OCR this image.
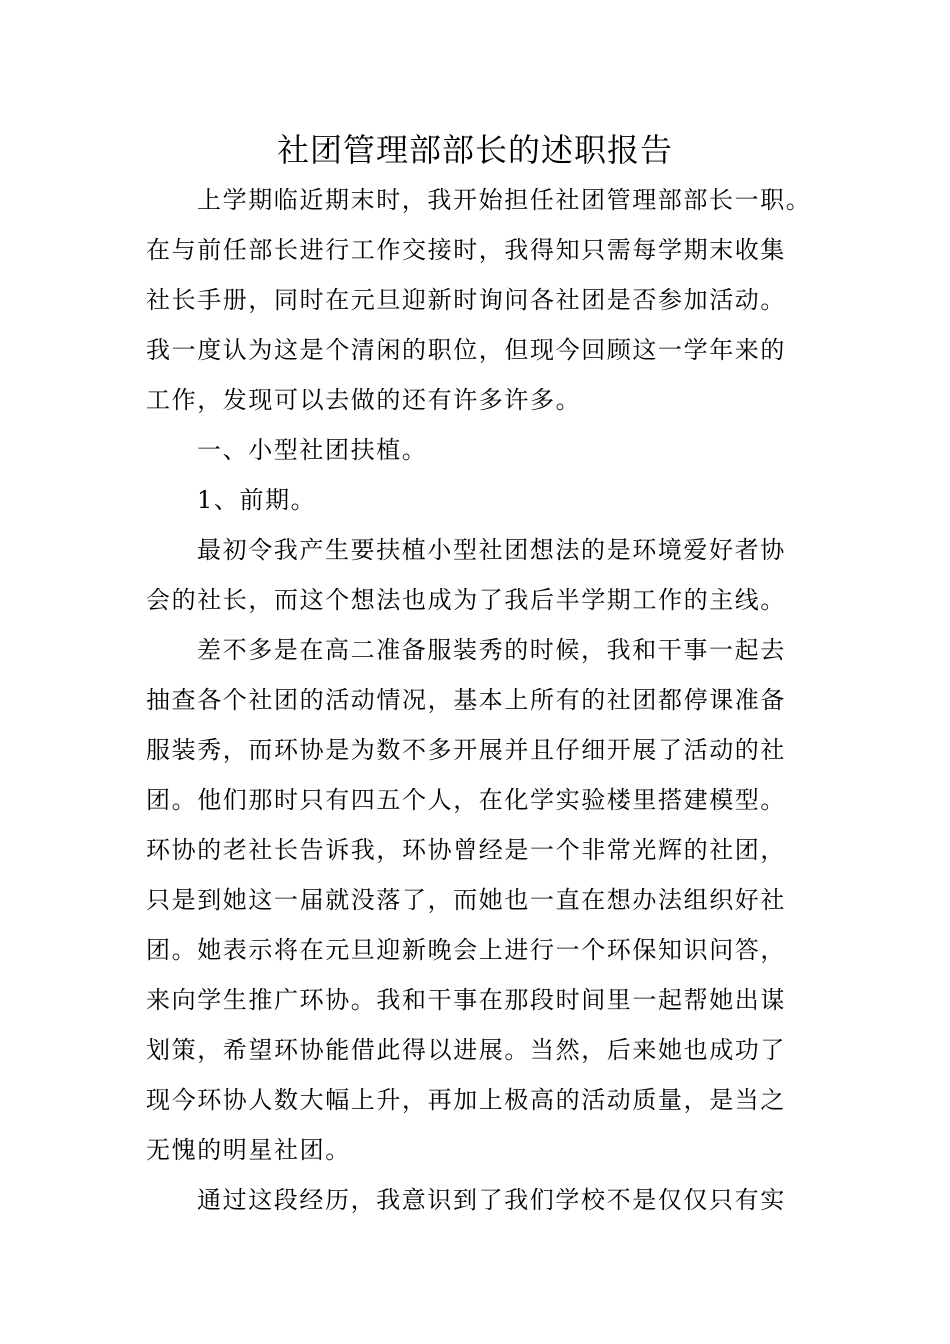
社团管理部部长的述职报告
上学期临近期末时，我开始担任社团管理部部长一职。
在与前任部长进行工作交接时，我得知只需每学期末收集
社长手册，同时在元旦迎新时询问各社团是否参加活动。
我一度认为这是个清闲的职位，但现今回顾这一学年来的
工作，发现可以去做的还有许多许多。
一、小型社团扶植。
1、前期。
最初令我产生要扶植小型社团想法的是环境爱好者协
会的社长，而这个想法也成为了我后半学期工作的主线。
差不多是在高二准备服装秀的时候，我和干事一起去
抽查各个社团的活动情况，基本上所有的社团都停课准备
服装秀，而环协是为数不多开展并且仔细开展了活动的社
团。他们那时只有四五个人，在化学实验楼里搭建模型。
环协的老社长告诉我，环协曾经是一个非常光辉的社团，
只是到她这一届就没落了，而她也一直在想办法组织好社
团。她表示将在元旦迎新晚会上进行一个环保知识问答，
来向学生推广环协。我和干事在那段时间里一起帮她出谋
划策，希望环协能借此得以进展。当然，后来她也成功了
现今环协人数大幅上升，再加上极高的活动质量，是当之
无愧的明星社团。
通过这段经历，我意识到了我们学校不是仅仅只有实
